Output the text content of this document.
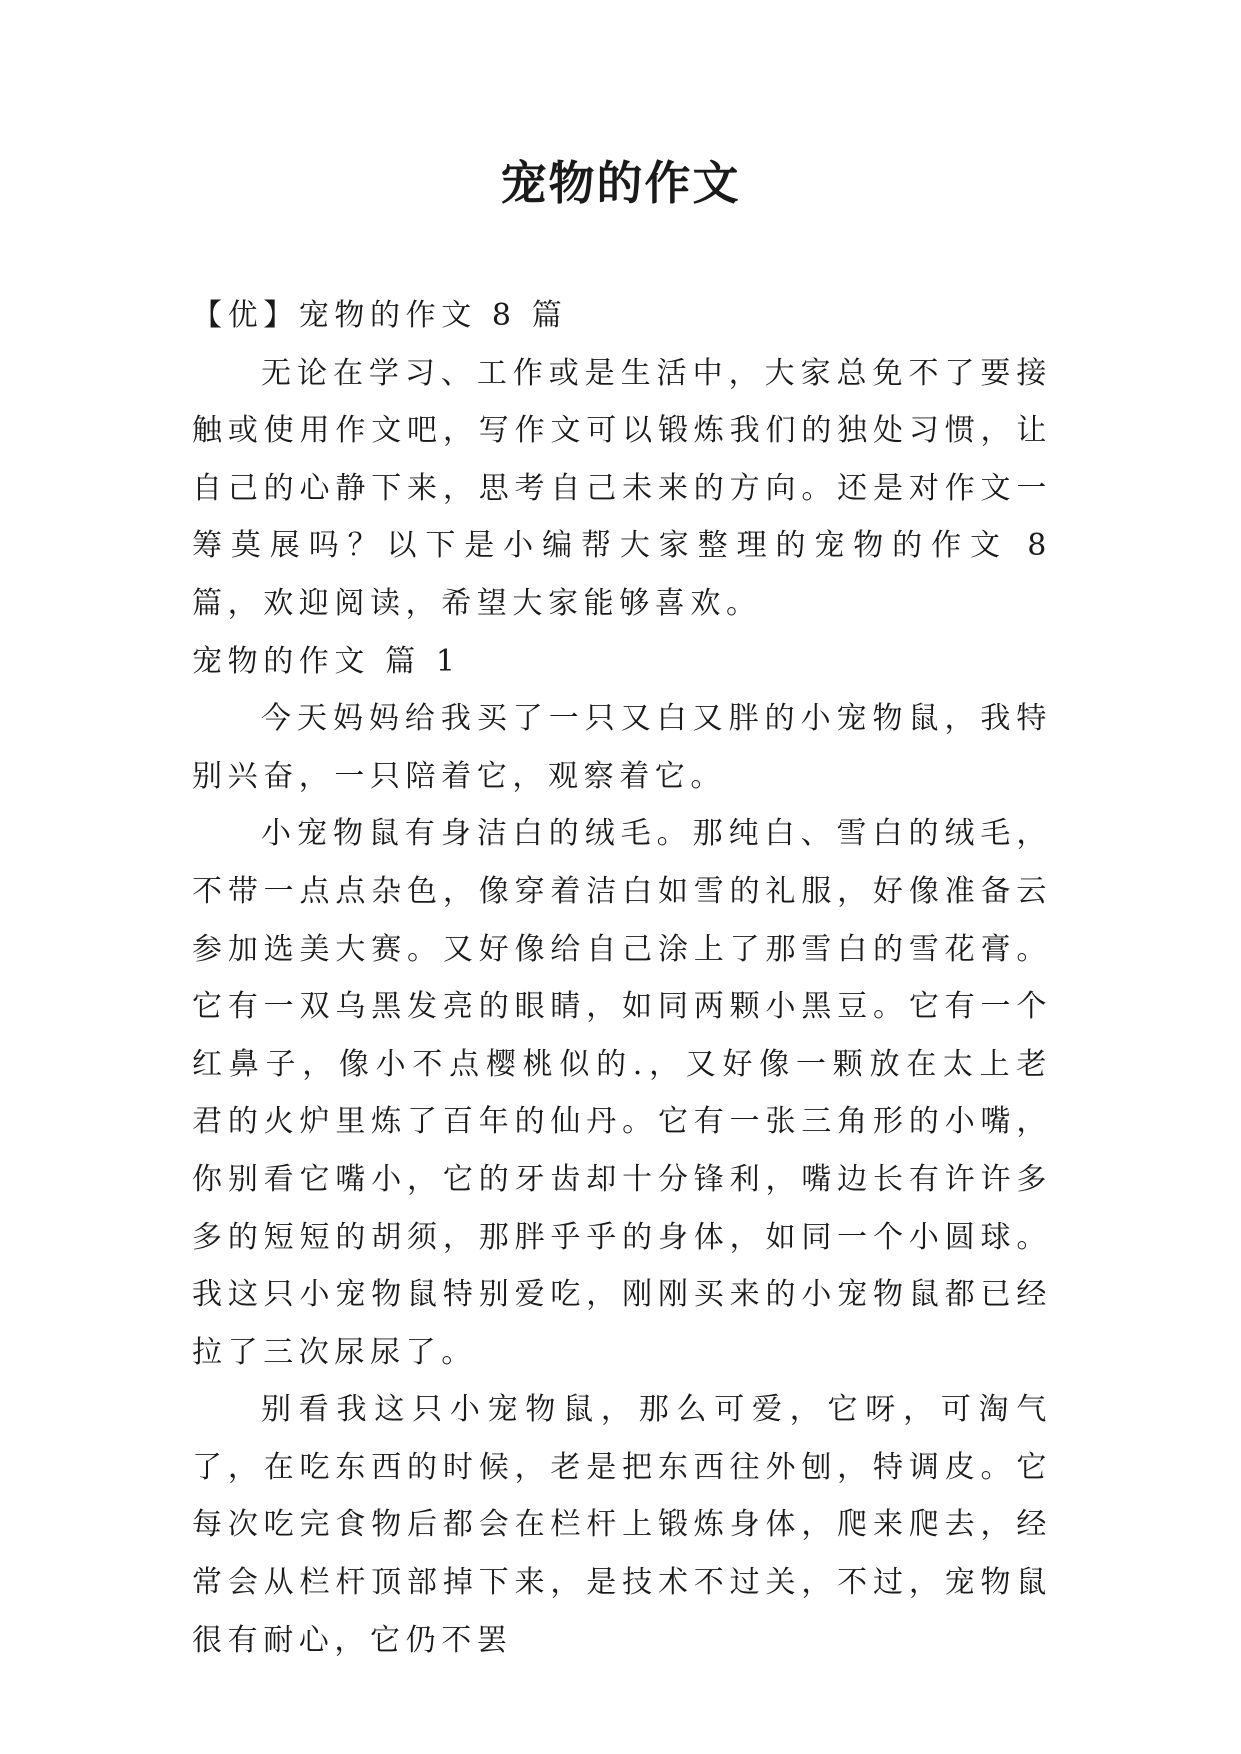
宠物的作文

【优】宠物的作文 8 篇

无论在学习、工作或是生活中，大家总免不了要接触或使用作文吧，写作文可以锻炼我们的独处习惯，让自己的心静下来，思考自己未来的方向。还是对作文一筹莫展吗？以下是小编帮大家整理的宠物的作文 8 篇，欢迎阅读，希望大家能够喜欢。

宠物的作文 篇 1

今天妈妈给我买了一只又白又胖的小宠物鼠，我特别兴奋，一只陪着它，观察着它。

小宠物鼠有身洁白的绒毛。那纯白、雪白的绒毛，不带一点点杂色，像穿着洁白如雪的礼服，好像准备云参加选美大赛。又好像给自己涂上了那雪白的雪花膏。它有一双乌黑发亮的眼睛，如同两颗小黑豆。它有一个红鼻子，像小不点樱桃似的.，又好像一颗放在太上老君的火炉里炼了百年的仙丹。它有一张三角形的小嘴，你别看它嘴小，它的牙齿却十分锋利，嘴边长有许许多多的短短的胡须，那胖乎乎的身体，如同一个小圆球。我这只小宠物鼠特别爱吃，刚刚买来的小宠物鼠都已经拉了三次尿尿了。

别看我这只小宠物鼠，那么可爱，它呀，可淘气了，在吃东西的时候，老是把东西往外刨，特调皮。它每次吃完食物后都会在栏杆上锻炼身体，爬来爬去，经常会从栏杆顶部掉下来，是技术不过关，不过，宠物鼠很有耐心，它仍不罢
